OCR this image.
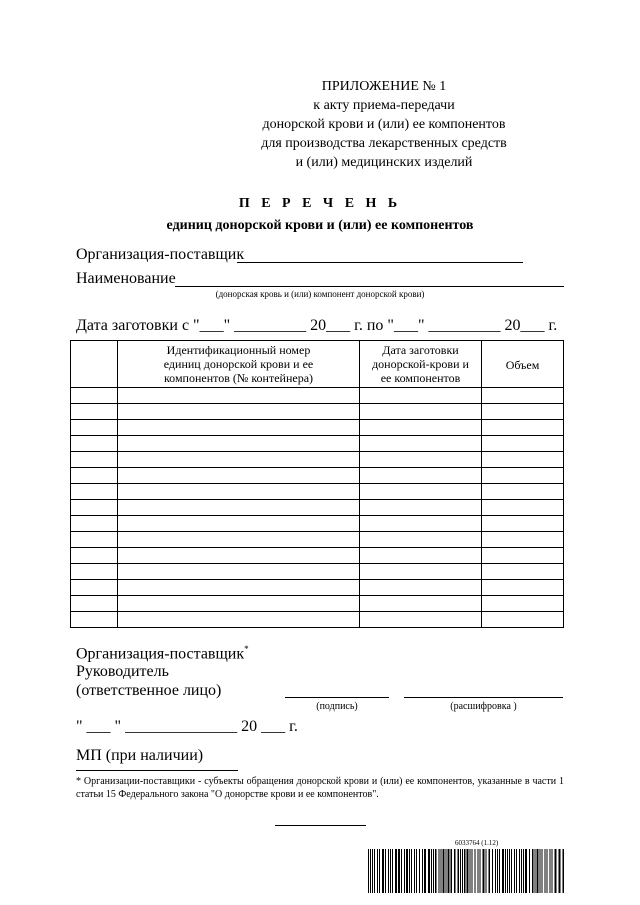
ПРИЛОЖЕНИЕ № 1
к акту приема-передачи
донорской крови и (или) ее компонентов
для производства лекарственных средств
и (или) медицинских изделий
П Е Р Е Ч Е Н Ь
единиц донорской крови и (или) ее компонентов
Организация-поставщик
Наименование
(донорская кровь и (или) компонент донорской крови)
Дата заготовки с "___" _________ 20___ г. по "___" _________ 20___ г.
	Идентификационный номер единиц донорской крови и ее компонентов (№ контейнера)	Дата заготовки донорской-крови и ее компонентов	Объем

Организация-поставщик*
Руководитель
(ответственное лицо)
(подпись)	(расшифровка )
" ___ " ______________ 20 ___ г.
МП (при наличии)
* Организации-поставщики - субъекты обращения донорской крови и (или) ее компонентов, указанные в части 1 статьи 15 Федерального закона "О донорстве крови и ее компонентов".
6033764 (1.12)
